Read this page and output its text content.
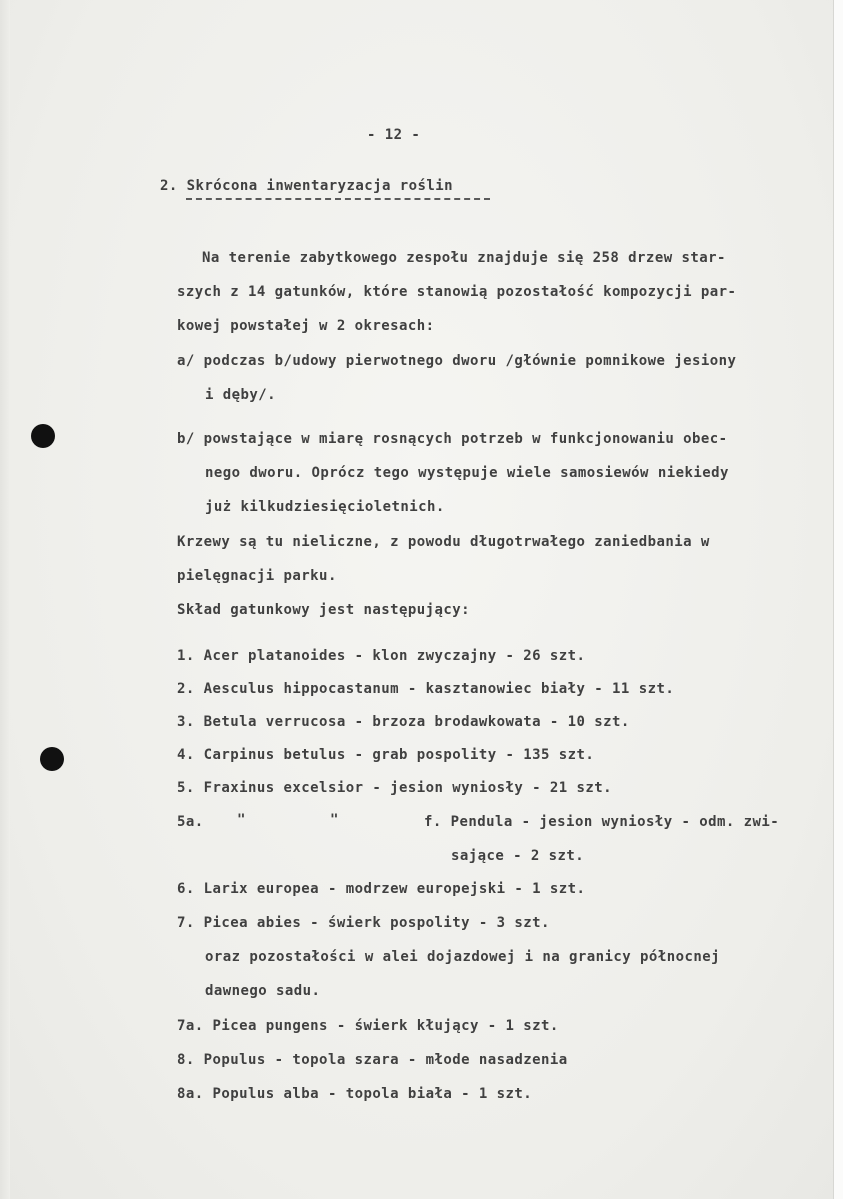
- 12 -
2. Skrócona inwentaryzacja roślin
Na terenie zabytkowego zespołu znajduje się 258 drzew star-
szych z 14 gatunków, które stanowią pozostałość kompozycji par-
kowej powstałej w 2 okresach:
a/ podczas b/udowy pierwotnego dworu /głównie pomnikowe jesiony
i dęby/.
b/ powstające w miarę rosnących potrzeb w funkcjonowaniu obec-
nego dworu. Oprócz tego występuje wiele samosiewów niekiedy
już kilkudziesięcioletnich.
Krzewy są tu nieliczne, z powodu długotrwałego zaniedbania w
pielęgnacji parku.
Skład gatunkowy jest następujący:
1. Acer platanoides - klon zwyczajny - 26 szt.
2. Aesculus hippocastanum - kasztanowiec biały - 11 szt.
3. Betula verrucosa - brzoza brodawkowata - 10 szt.
4. Carpinus betulus - grab pospolity - 135 szt.
5. Fraxinus excelsior - jesion wyniosły - 21 szt.
5a. "	"	f. Pendula - jesion wyniosły - odm. zwi-
sające - 2 szt.
6. Larix europea - modrzew europejski - 1 szt.
7. Picea abies - świerk pospolity - 3 szt.
oraz pozostałości w alei dojazdowej i na granicy północnej
dawnego sadu.
7a. Picea pungens - świerk kłujący - 1 szt.
8. Populus - topola szara - młode nasadzenia
8a. Populus alba - topola biała - 1 szt.
